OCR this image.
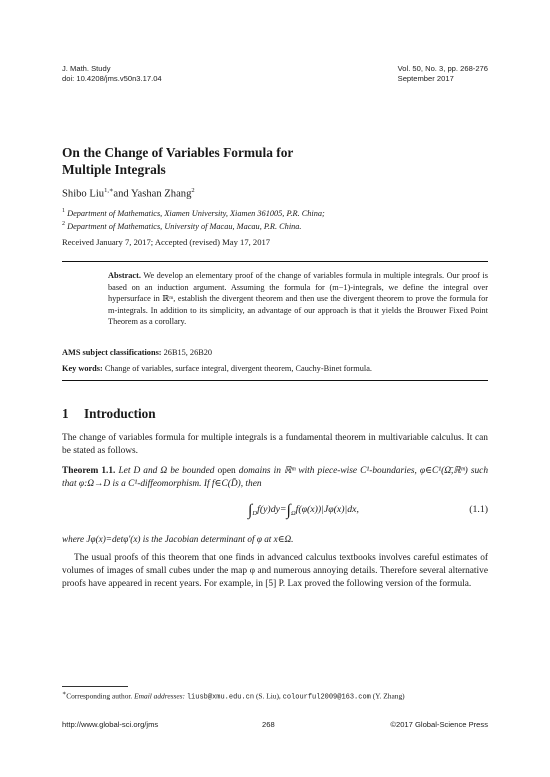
J. Math. Study
doi: 10.4208/jms.v50n3.17.04
Vol. 50, No. 3, pp. 268-276
September 2017
On the Change of Variables Formula for
Multiple Integrals
Shibo Liu$^{1,∗}$and Yashan Zhang$^2$
$^1$ Department of Mathematics, Xiamen University, Xiamen 361005, P.R. China;
$^2$ Department of Mathematics, University of Macau, Macau, P.R. China.
Received January 7, 2017; Accepted (revised) May 17, 2017
Abstract. We develop an elementary proof of the change of variables formula in multiple integrals. Our proof is based on an induction argument. Assuming the formula for (m−1)-integrals, we define the integral over hypersurface in ℝᵐ, establish the divergent theorem and then use the divergent theorem to prove the formula for m-integrals. In addition to its simplicity, an advantage of our approach is that it yields the Brouwer Fixed Point Theorem as a corollary.
AMS subject classifications: 26B15, 26B20
Key words: Change of variables, surface integral, divergent theorem, Cauchy-Binet formula.
1 Introduction
The change of variables formula for multiple integrals is a fundamental theorem in multivariable calculus. It can be stated as follows.
Theorem 1.1. Let D and Ω be bounded open domains in ℝᵐ with piece-wise C¹-boundaries, φ∈C¹(Ω̄,ℝᵐ) such that φ:Ω→D is a C¹-diffeomorphism. If f∈C(D̄), then
$\int_Df(y)dy=\int_\Omega f(\varphi(x))|J\varphi(x)|dx$,	(1.1)
where Jφ(x)=detφ′(x) is the Jacobian determinant of φ at x∈Ω.
The usual proofs of this theorem that one finds in advanced calculus textbooks involves careful estimates of volumes of images of small cubes under the map φ and numerous annoying details. Therefore several alternative proofs have appeared in recent years. For example, in [5] P. Lax proved the following version of the formula.
∗Corresponding author. Email addresses: liusb@xmu.edu.cn (S. Liu), colourful2009@163.com (Y. Zhang)
http://www.global-sci.org/jms	268	©2017 Global-Science Press
